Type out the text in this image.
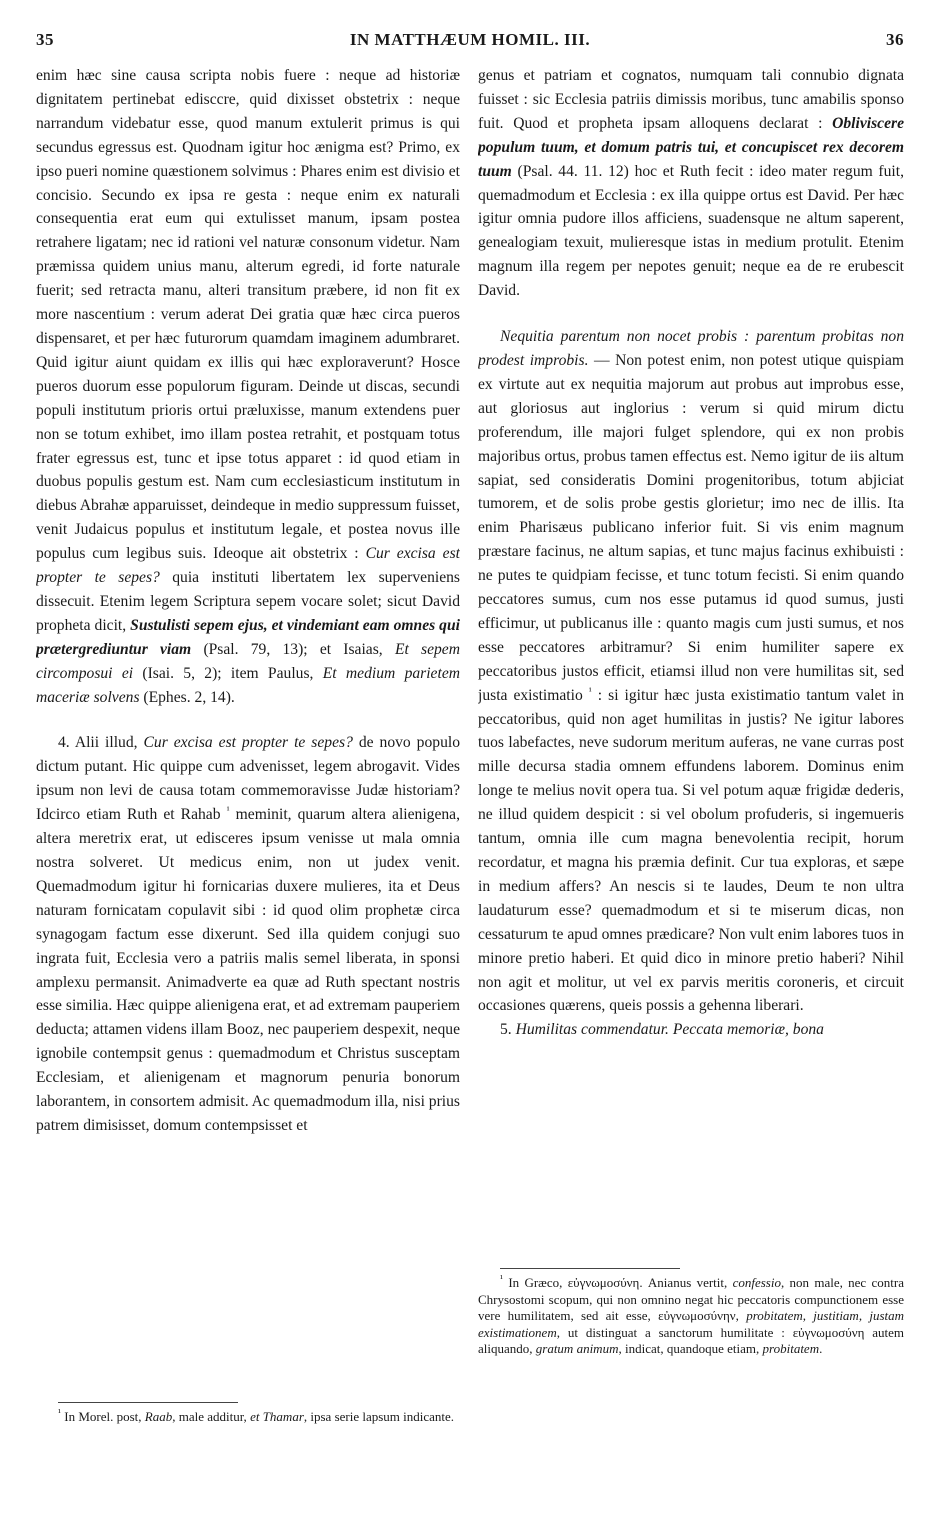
35	IN MATTHÆUM HOMIL. III.	36

enim hæc sine causa scripta nobis fuere : neque ad historiæ dignitatem pertinebat edisccre, quid dixisset obstetrix : neque narrandum videbatur esse, quod manum extulerit primus is qui secundus egressus est. Quodnam igitur hoc ænigma est? Primo, ex ipso pueri nomine quæstionem solvimus : Phares enim est divisio et concisio. Secundo ex ipsa re gesta : neque enim ex naturali consequentia erat eum qui extulisset manum, ipsam postea retrahere ligatam; nec id rationi vel naturæ consonum videtur. Nam præmissa quidem unius manu, alterum egredi, id forte naturale fuerit; sed retracta manu, alteri transitum præbere, id non fit ex more nascentium : verum aderat Dei gratia quæ hæc circa pueros dispensaret, et per hæc futurorum quamdam imaginem adumbraret. Quid igitur aiunt quidam ex illis qui hæc exploraverunt? Hosce pueros duorum esse populorum figuram. Deinde ut discas, secundi populi institutum prioris ortui præluxisse, manum extendens puer non se totum exhibet, imo illam postea retrahit, et postquam totus frater egressus est, tunc et ipse totus apparet : id quod etiam in duobus populis gestum est. Nam cum ecclesiasticum institutum in diebus Abrahæ apparuisset, deindeque in medio suppressum fuisset, venit Judaicus populus et institutum legale, et postea novus ille populus cum legibus suis. Ideoque ait obstetrix : Cur excisa est propter te sepes? quia instituti libertatem lex superveniens dissecuit. Etenim legem Scriptura sepem vocare solet; sicut David propheta dicit, Sustulisti sepem ejus, et vindemiant eam omnes qui prætergrediuntur viam (Psal. 79, 13); et Isaias, Et sepem circomposui ei (Isai. 5, 2); item Paulus, Et medium parietem maceriæ solvens (Ephes. 2, 14).

4. Alii illud, Cur excisa est propter te sepes? de novo populo dictum putant. Hic quippe cum advenisset, legem abrogavit. Vides ipsum non levi de causa totam commemoravisse Judæ historiam? Idcirco etiam Ruth et Rahab $^{^1}$ meminit, quarum altera alienigena, altera meretrix erat, ut edisceres ipsum venisse ut mala omnia nostra solveret. Ut medicus enim, non ut judex venit. Quemadmodum igitur hi fornicarias duxere mulieres, ita et Deus naturam fornicatam copulavit sibi : id quod olim prophetæ circa synagogam factum esse dixerunt. Sed illa quidem conjugi suo ingrata fuit, Ecclesia vero a patriis malis semel liberata, in sponsi amplexu permansit. Animadverte ea quæ ad Ruth spectant nostris esse similia. Hæc quippe alienigena erat, et ad extremam pauperiem deducta; attamen videns illam Booz, nec pauperiem despexit, neque ignobile contempsit genus : quemadmodum et Christus susceptam Ecclesiam, et alienigenam et magnorum penuria bonorum laborantem, in consortem admisit. Ac quemadmodum illa, nisi prius patrem dimisisset, domum contempsisset et

$^{^1}$ In Morel. post, Raab, male additur, et Thamar, ipsa serie lapsum indicante.

genus et patriam et cognatos, numquam tali connubio dignata fuisset : sic Ecclesia patriis dimissis moribus, tunc amabilis sponso fuit. Quod et propheta ipsam alloquens declarat : Obliviscere populum tuum, et domum patris tui, et concupiscet rex decorem tuum (Psal. 44. 11. 12) hoc et Ruth fecit : ideo mater regum fuit, quemadmodum et Ecclesia : ex illa quippe ortus est David. Per hæc igitur omnia pudore illos afficiens, suadensque ne altum saperent, genealogiam texuit, mulieresque istas in medium protulit. Etenim magnum illa regem per nepotes genuit; neque ea de re erubescit David.

Nequitia parentum non nocet probis : parentum probitas non prodest improbis. — Non potest enim, non potest utique quispiam ex virtute aut ex nequitia majorum aut probus aut improbus esse, aut gloriosus aut inglorius : verum si quid mirum dictu proferendum, ille majori fulget splendore, qui ex non probis majoribus ortus, probus tamen effectus est. Nemo igitur de iis altum sapiat, sed consideratis Domini progenitoribus, totum abjiciat tumorem, et de solis probe gestis glorietur; imo nec de illis. Ita enim Pharisæus publicano inferior fuit. Si vis enim magnum præstare facinus, ne altum sapias, et tunc majus facinus exhibuisti : ne putes te quidpiam fecisse, et tunc totum fecisti. Si enim quando peccatores sumus, cum nos esse putamus id quod sumus, justi efficimur, ut publicanus ille : quanto magis cum justi sumus, et nos esse peccatores arbitramur? Si enim humiliter sapere ex peccatoribus justos efficit, etiamsi illud non vere humilitas sit, sed justa existimatio $^{^1}$ : si igitur hæc justa existimatio tantum valet in peccatoribus, quid non aget humilitas in justis? Ne igitur labores tuos labefactes, neve sudorum meritum auferas, ne vane curras post mille decursa stadia omnem effundens laborem. Dominus enim longe te melius novit opera tua. Si vel potum aquæ frigidæ dederis, ne illud quidem despicit : si vel obolum profuderis, si ingemueris tantum, omnia ille cum magna benevolentia recipit, horum recordatur, et magna his præmia definit. Cur tua exploras, et sæpe in medium affers? An nescis si te laudes, Deum te non ultra laudaturum esse? quemadmodum et si te miserum dicas, non cessaturum te apud omnes prædicare? Non vult enim labores tuos in minore pretio haberi. Et quid dico in minore pretio haberi? Nihil non agit et molitur, ut vel ex parvis meritis coroneris, et circuit occasiones quærens, queis possis a gehenna liberari.

5. Humilitas commendatur. Peccata memoriæ, bona

$^{^1}$ In Græco, εὐγνωμοσύνη. Anianus vertit, confessio, non male, nec contra Chrysostomi scopum, qui non omnino negat hic peccatoris compunctionem esse vere humilitatem, sed ait esse, εὐγνωμοσύνην, probitatem, justitiam, justam existimationem, ut distinguat a sanctorum humilitate : εὐγνωμοσύνη autem aliquando, gratum animum, indicat, quandoque etiam, probitatem.
